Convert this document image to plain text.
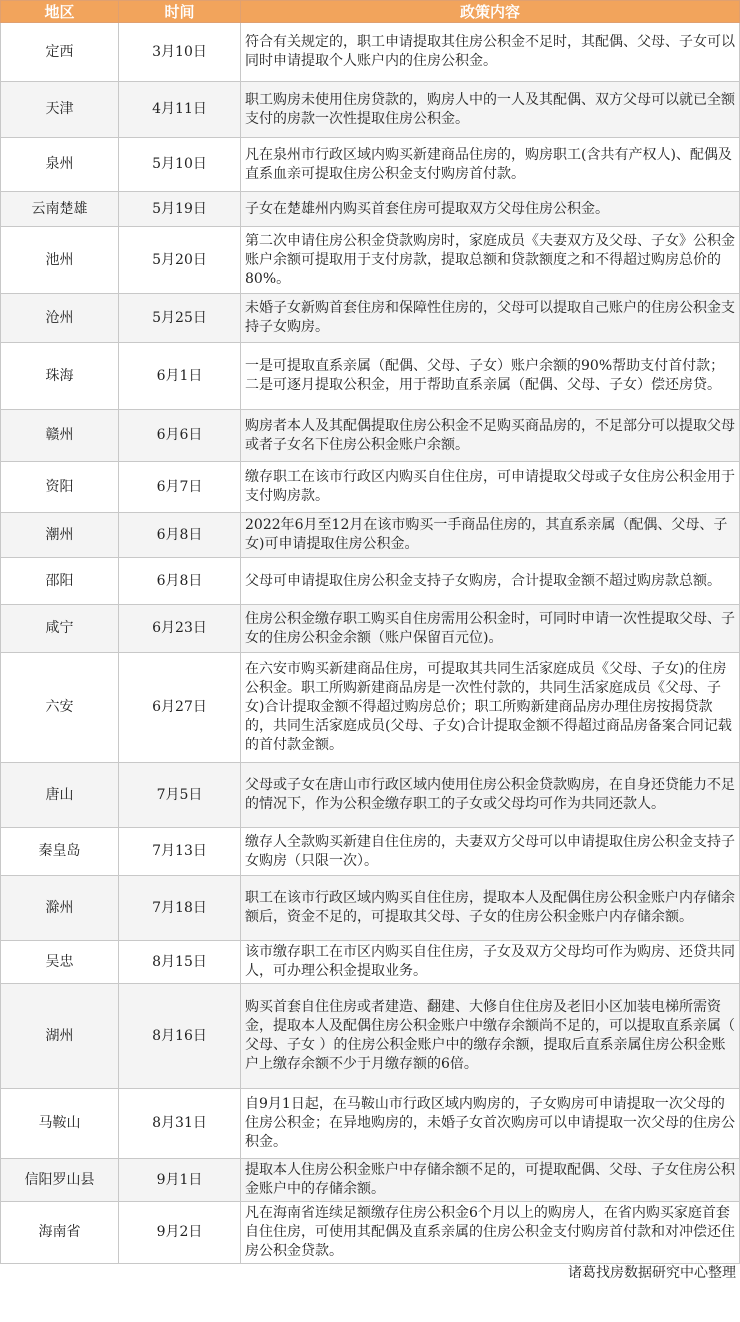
地区	时间	政策内容
定西	3月10日	符合有关规定的，职工申请提取其住房公积金不足时，其配偶、父母、子女可以同时申请提取个人账户内的住房公积金。
天津	4月11日	职工购房未使用住房贷款的，购房人中的一人及其配偶、双方父母可以就已全额支付的房款一次性提取住房公积金。
泉州	5月10日	凡在泉州市行政区域内购买新建商品住房的，购房职工(含共有产权人)、配偶及直系血亲可提取住房公积金支付购房首付款。
云南楚雄	5月19日	子女在楚雄州内购买首套住房可提取双方父母住房公积金。
池州	5月20日	第二次申请住房公积金贷款购房时，家庭成员《夫妻双方及父母、子女》公积金账户余额可提取用于支付房款，提取总额和贷款额度之和不得超过购房总价的80%。
沧州	5月25日	未婚子女新购首套住房和保障性住房的，父母可以提取自己账户的住房公积金支持子女购房。
珠海	6月1日	一是可提取直系亲属（配偶、父母、子女）账户余额的90%帮助支付首付款；二是可逐月提取公积金，用于帮助直系亲属（配偶、父母、子女）偿还房贷。
赣州	6月6日	购房者本人及其配偶提取住房公积金不足购买商品房的，不足部分可以提取父母或者子女名下住房公积金账户余额。
资阳	6月7日	缴存职工在该市行政区内购买自住住房，可申请提取父母或子女住房公积金用于支付购房款。
潮州	6月8日	2022年6月至12月在该市购买一手商品住房的，其直系亲属（配偶、父母、子女)可申请提取住房公积金。
邵阳	6月8日	父母可申请提取住房公积金支持子女购房，合计提取金额不超过购房款总额。
咸宁	6月23日	住房公积金缴存职工购买自住房需用公积金时，可同时申请一次性提取父母、子女的住房公积金余额（账户保留百元位)。
六安	6月27日	在六安市购买新建商品住房，可提取其共同生活家庭成员《父母、子女)的住房公积金。职工所购新建商品房是一次性付款的，共同生活家庭成员《父母、子女)合计提取金额不得超过购房总价；职工所购新建商品房办理住房按揭贷款的，共同生活家庭成员(父母、子女)合计提取金额不得超过商品房备案合同记载的首付款金额。
唐山	7月5日	父母或子女在唐山市行政区域内使用住房公积金贷款购房，在自身还贷能力不足的情况下，作为公积金缴存职工的子女或父母均可作为共同还款人。
秦皇岛	7月13日	缴存人全款购买新建自住住房的，夫妻双方父母可以申请提取住房公积金支持子女购房（只限一次）。
滁州	7月18日	职工在该市行政区域内购买自住住房，提取本人及配偶住房公积金账户内存储余额后，资金不足的，可提取其父母、子女的住房公积金账户内存储余额。
吴忠	8月15日	该市缴存职工在市区内购买自住住房，子女及双方父母均可作为购房、还贷共同人，可办理公积金提取业务。
湖州	8月16日	购买首套自住住房或者建造、翻建、大修自住住房及老旧小区加装电梯所需资金，提取本人及配偶住房公积金账户中缴存余额尚不足的，可以提取直系亲属（ 父母、子女 ）的住房公积金账户中的缴存余额，提取后直系亲属住房公积金账户上缴存余额不少于月缴存额的6倍。
马鞍山	8月31日	自9月1日起，在马鞍山市行政区域内购房的，子女购房可申请提取一次父母的住房公积金；在异地购房的，未婚子女首次购房可以申请提取一次父母的住房公积金。
信阳罗山县	9月1日	提取本人住房公积金账户中存储余额不足的，可提取配偶、父母、子女住房公积金账户中的存储余额。
海南省	9月2日	凡在海南省连续足额缴存住房公积金6个月以上的购房人，在省内购买家庭首套自住住房，可使用其配偶及直系亲属的住房公积金支付购房首付款和对冲偿还住房公积金贷款。
诸葛找房数据研究中心整理
